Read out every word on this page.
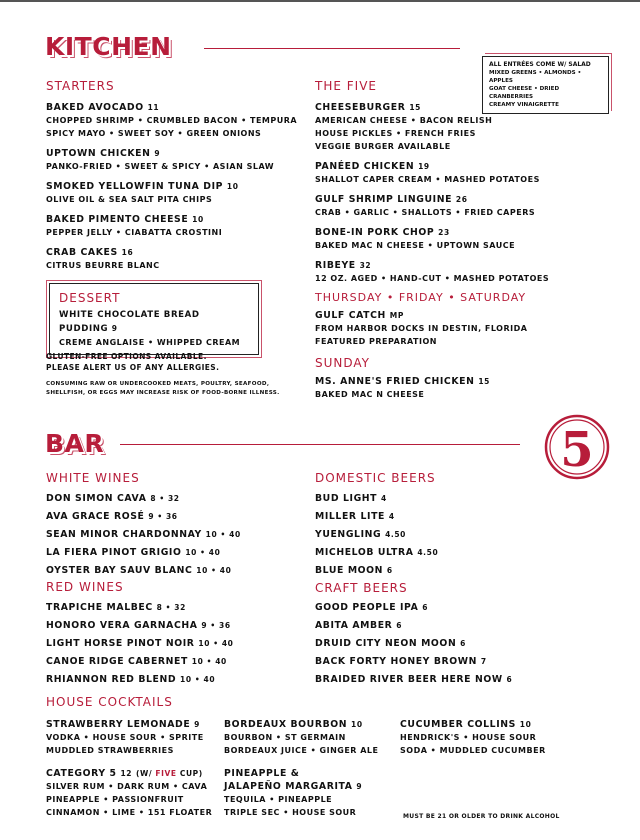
KITCHEN
ALL ENTRÉES COME W/ SALAD
MIXED GREENS • ALMONDS • APPLES
GOAT CHEESE • DRIED CRANBERRIES
CREAMY VINAIGRETTE
STARTERS
BAKED AVOCADO 11
CHOPPED SHRIMP • CRUMBLED BACON • TEMPURA
SPICY MAYO • SWEET SOY • GREEN ONIONS
UPTOWN CHICKEN 9
PANKO-FRIED • SWEET & SPICY • ASIAN SLAW
SMOKED YELLOWFIN TUNA DIP 10
OLIVE OIL & SEA SALT PITA CHIPS
BAKED PIMENTO CHEESE 10
PEPPER JELLY • CIABATTA CROSTINI
CRAB CAKES 16
CITRUS BEURRE BLANC
DESSERT
WHITE CHOCOLATE BREAD PUDDING 9
CREME ANGLAISE • WHIPPED CREAM
GLUTEN-FREE OPTIONS AVAILABLE.
PLEASE ALERT US OF ANY ALLERGIES.
CONSUMING RAW OR UNDERCOOKED MEATS, POULTRY, SEAFOOD,
SHELLFISH, OR EGGS MAY INCREASE RISK OF FOOD-BORNE ILLNESS.
THE FIVE
CHEESEBURGER 15
AMERICAN CHEESE • BACON RELISH
HOUSE PICKLES • FRENCH FRIES
VEGGIE BURGER AVAILABLE
PANÉED CHICKEN 19
SHALLOT CAPER CREAM • MASHED POTATOES
GULF SHRIMP LINGUINE 26
CRAB • GARLIC • SHALLOTS • FRIED CAPERS
BONE-IN PORK CHOP 23
BAKED MAC N CHEESE • UPTOWN SAUCE
RIBEYE 32
12 OZ. AGED • HAND-CUT • MASHED POTATOES
THURSDAY • FRIDAY • SATURDAY
GULF CATCH MP
FROM HARBOR DOCKS IN DESTIN, FLORIDA
FEATURED PREPARATION
SUNDAY
MS. ANNE'S FRIED CHICKEN 15
BAKED MAC N CHEESE
BAR	5
WHITE WINES
DON SIMON CAVA 8 • 32
AVA GRACE ROSÉ 9 • 36
SEAN MINOR CHARDONNAY 10 • 40
LA FIERA PINOT GRIGIO 10 • 40
OYSTER BAY SAUV BLANC 10 • 40
RED WINES
TRAPICHE MALBEC 8 • 32
HONORO VERA GARNACHA 9 • 36
LIGHT HORSE PINOT NOIR 10 • 40
CANOE RIDGE CABERNET 10 • 40
RHIANNON RED BLEND 10 • 40
DOMESTIC BEERS
BUD LIGHT 4
MILLER LITE 4
YUENGLING 4.50
MICHELOB ULTRA 4.50
BLUE MOON 6
CRAFT BEERS
GOOD PEOPLE IPA 6
ABITA AMBER 6
DRUID CITY NEON MOON 6
BACK FORTY HONEY BROWN 7
BRAIDED RIVER BEER HERE NOW 6
HOUSE COCKTAILS
STRAWBERRY LEMONADE 9
VODKA • HOUSE SOUR • SPRITE
MUDDLED STRAWBERRIES
CATEGORY 5 12 (W/ FIVE CUP)
SILVER RUM • DARK RUM • CAVA
PINEAPPLE • PASSIONFRUIT
CINNAMON • LIME • 151 FLOATER
BORDEAUX BOURBON 10
BOURBON • ST GERMAIN
BORDEAUX JUICE • GINGER ALE
PINEAPPLE &
JALAPEÑO MARGARITA 9
TEQUILA • PINEAPPLE
TRIPLE SEC • HOUSE SOUR
CUCUMBER COLLINS 10
HENDRICK'S • HOUSE SOUR
SODA • MUDDLED CUCUMBER
MUST BE 21 OR OLDER TO DRINK ALCOHOL
